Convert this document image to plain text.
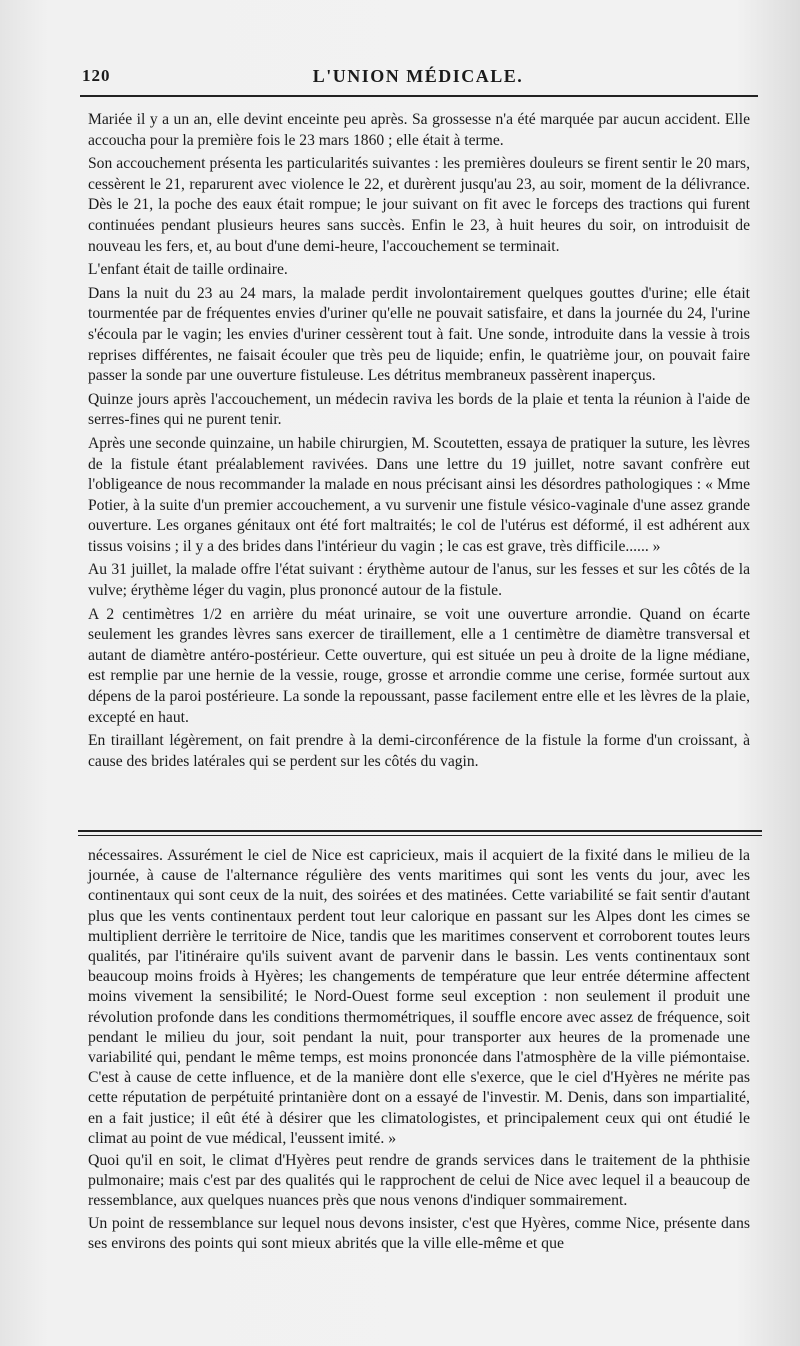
120	L'UNION MÉDICALE.

Mariée il y a un an, elle devint enceinte peu après. Sa grossesse n'a été marquée par aucun accident. Elle accoucha pour la première fois le 23 mars 1860 ; elle était à terme.

Son accouchement présenta les particularités suivantes : les premières douleurs se firent sentir le 20 mars, cessèrent le 21, reparurent avec violence le 22, et durèrent jusqu'au 23, au soir, moment de la délivrance. Dès le 21, la poche des eaux était rompue; le jour suivant on fit avec le forceps des tractions qui furent continuées pendant plusieurs heures sans succès. Enfin le 23, à huit heures du soir, on introduisit de nouveau les fers, et, au bout d'une demi-heure, l'accouchement se terminait.

L'enfant était de taille ordinaire.

Dans la nuit du 23 au 24 mars, la malade perdit involontairement quelques gouttes d'urine; elle était tourmentée par de fréquentes envies d'uriner qu'elle ne pouvait satisfaire, et dans la journée du 24, l'urine s'écoula par le vagin; les envies d'uriner cessèrent tout à fait. Une sonde, introduite dans la vessie à trois reprises différentes, ne faisait écouler que très peu de liquide; enfin, le quatrième jour, on pouvait faire passer la sonde par une ouverture fistuleuse. Les détritus membraneux passèrent inaperçus.

Quinze jours après l'accouchement, un médecin raviva les bords de la plaie et tenta la réunion à l'aide de serres-fines qui ne purent tenir.

Après une seconde quinzaine, un habile chirurgien, M. Scoutetten, essaya de pratiquer la suture, les lèvres de la fistule étant préalablement ravivées. Dans une lettre du 19 juillet, notre savant confrère eut l'obligeance de nous recommander la malade en nous précisant ainsi les désordres pathologiques : « Mme Potier, à la suite d'un premier accouchement, a vu survenir une fistule vésico-vaginale d'une assez grande ouverture. Les organes génitaux ont été fort maltraités; le col de l'utérus est déformé, il est adhérent aux tissus voisins ; il y a des brides dans l'intérieur du vagin ; le cas est grave, très difficile...... »

Au 31 juillet, la malade offre l'état suivant : érythème autour de l'anus, sur les fesses et sur les côtés de la vulve; érythème léger du vagin, plus prononcé autour de la fistule.

A 2 centimètres 1/2 en arrière du méat urinaire, se voit une ouverture arrondie. Quand on écarte seulement les grandes lèvres sans exercer de tiraillement, elle a 1 centimètre de diamètre transversal et autant de diamètre antéro-postérieur. Cette ouverture, qui est située un peu à droite de la ligne médiane, est remplie par une hernie de la vessie, rouge, grosse et arrondie comme une cerise, formée surtout aux dépens de la paroi postérieure. La sonde la repoussant, passe facilement entre elle et les lèvres de la plaie, excepté en haut.

En tiraillant légèrement, on fait prendre à la demi-circonférence de la fistule la forme d'un croissant, à cause des brides latérales qui se perdent sur les côtés du vagin.

nécessaires. Assurément le ciel de Nice est capricieux, mais il acquiert de la fixité dans le milieu de la journée, à cause de l'alternance régulière des vents maritimes qui sont les vents du jour, avec les continentaux qui sont ceux de la nuit, des soirées et des matinées. Cette variabilité se fait sentir d'autant plus que les vents continentaux perdent tout leur calorique en passant sur les Alpes dont les cimes se multiplient derrière le territoire de Nice, tandis que les maritimes conservent et corroborent toutes leurs qualités, par l'itinéraire qu'ils suivent avant de parvenir dans le bassin. Les vents continentaux sont beaucoup moins froids à Hyères; les changements de température que leur entrée détermine affectent moins vivement la sensibilité; le Nord-Ouest forme seul exception : non seulement il produit une révolution profonde dans les conditions thermométriques, il souffle encore avec assez de fréquence, soit pendant le milieu du jour, soit pendant la nuit, pour transporter aux heures de la promenade une variabilité qui, pendant le même temps, est moins prononcée dans l'atmosphère de la ville piémontaise. C'est à cause de cette influence, et de la manière dont elle s'exerce, que le ciel d'Hyères ne mérite pas cette réputation de perpétuité printanière dont on a essayé de l'investir. M. Denis, dans son impartialité, en a fait justice; il eût été à désirer que les climatologistes, et principalement ceux qui ont étudié le climat au point de vue médical, l'eussent imité. »

Quoi qu'il en soit, le climat d'Hyères peut rendre de grands services dans le traitement de la phthisie pulmonaire; mais c'est par des qualités qui le rapprochent de celui de Nice avec lequel il a beaucoup de ressemblance, aux quelques nuances près que nous venons d'indiquer sommairement.

Un point de ressemblance sur lequel nous devons insister, c'est que Hyères, comme Nice, présente dans ses environs des points qui sont mieux abrités que la ville elle-même et que
